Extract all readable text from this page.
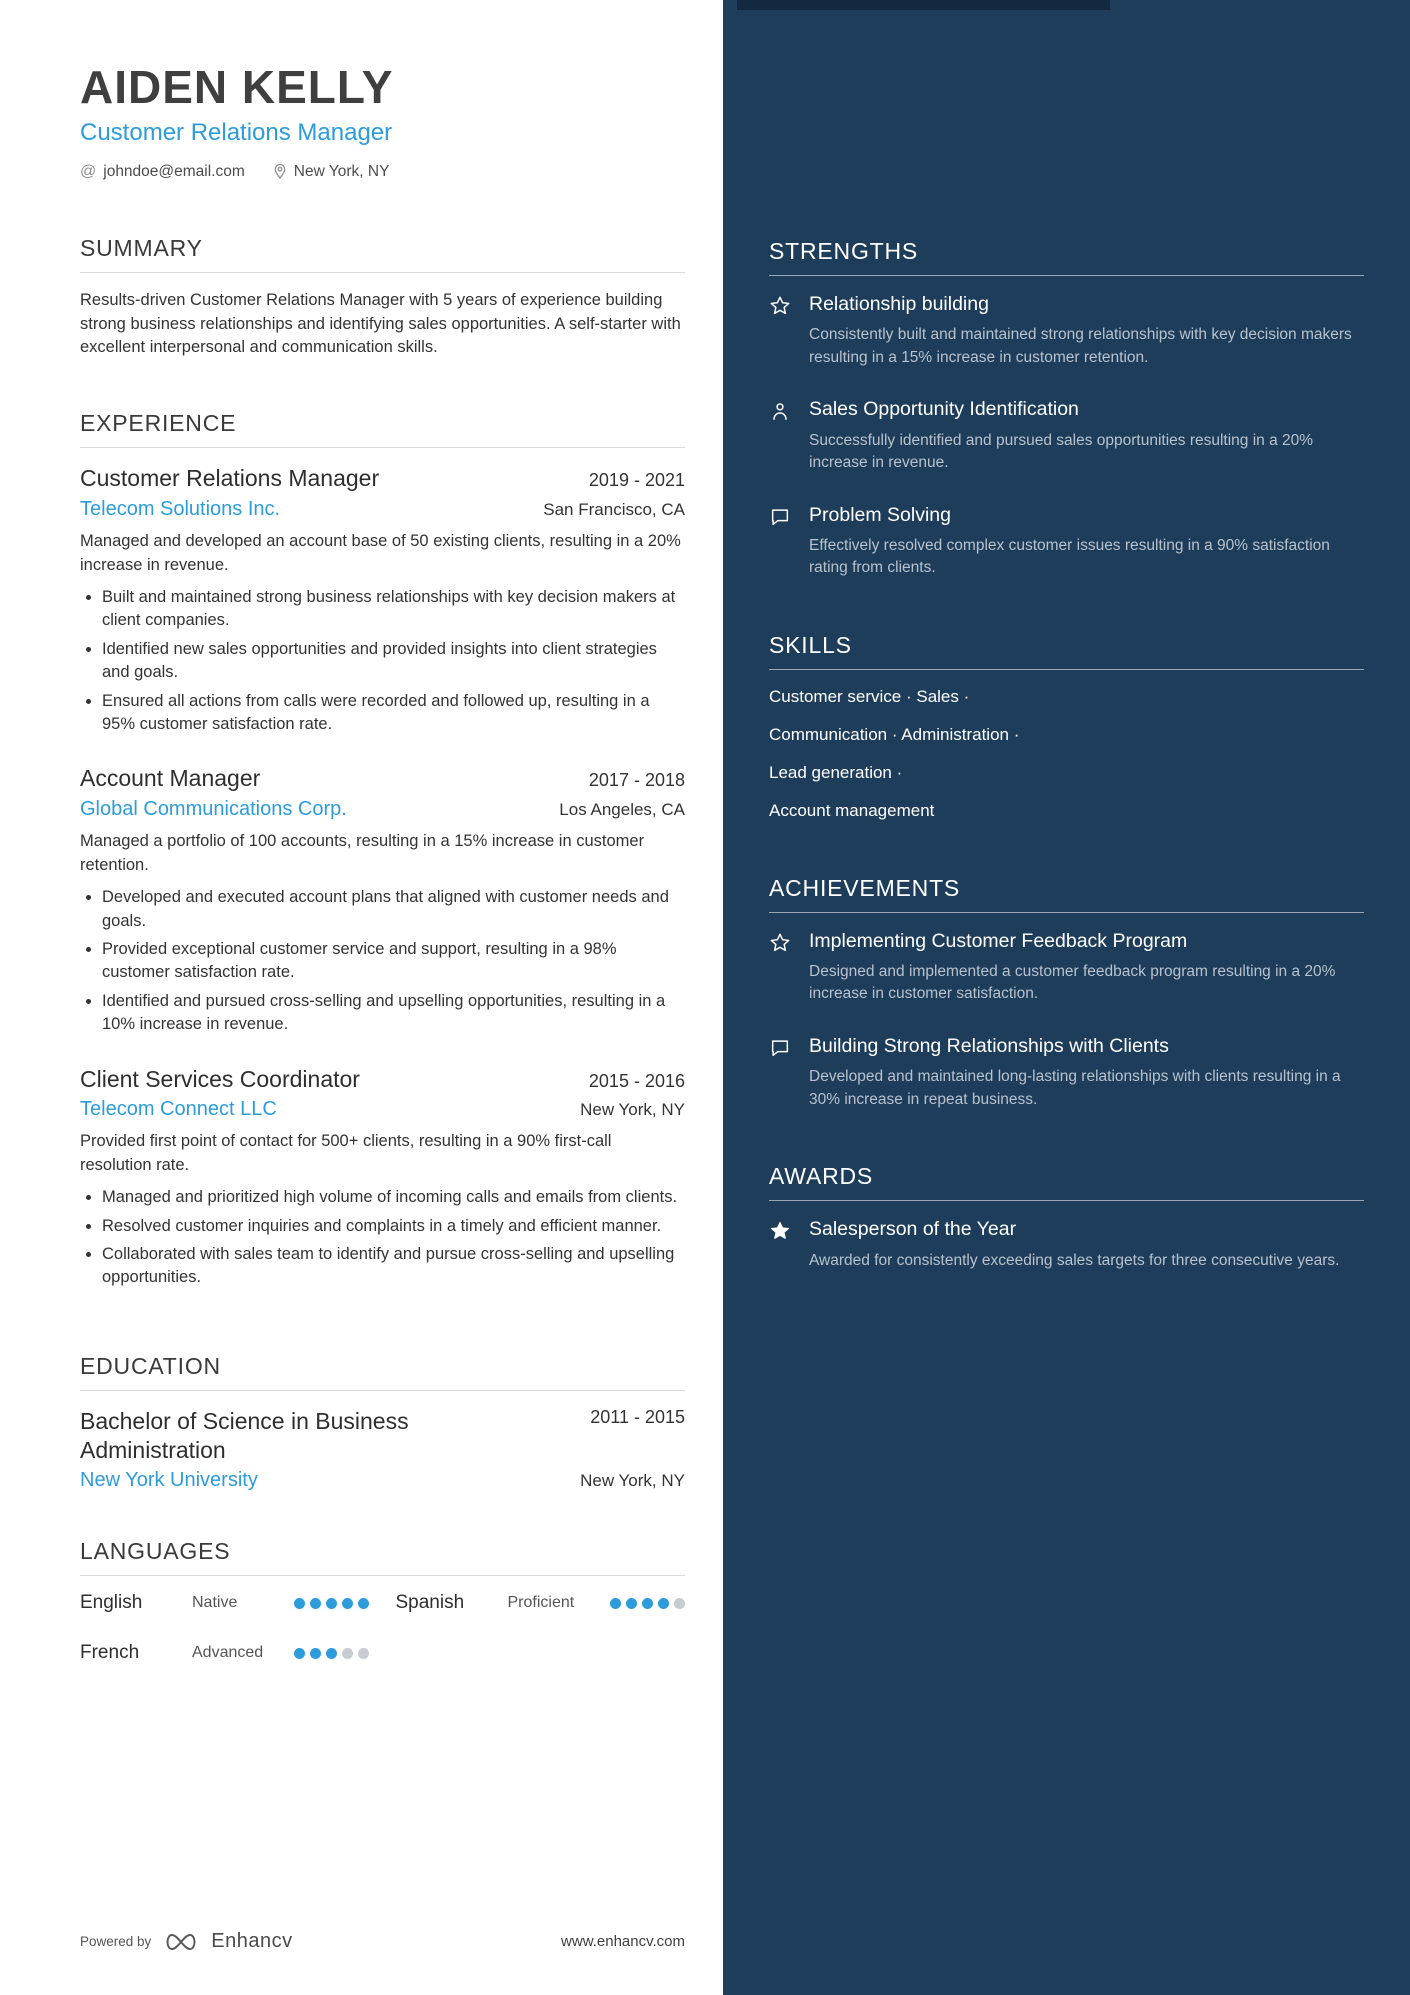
AIDEN KELLY
Customer Relations Manager
@ johndoe@email.com	New York, NY
SUMMARY

Results-driven Customer Relations Manager with 5 years of experience building strong business relationships and identifying sales opportunities. A self-starter with excellent interpersonal and communication skills.

EXPERIENCE
Customer Relations Manager	2019 - 2021
Telecom Solutions Inc.	San Francisco, CA

Managed and developed an account base of 50 existing clients, resulting in a 20% increase in revenue.

• Built and maintained strong business relationships with key decision makers at client companies.
• Identified new sales opportunities and provided insights into client strategies and goals.
• Ensured all actions from calls were recorded and followed up, resulting in a 95% customer satisfaction rate.
Account Manager	2017 - 2018
Global Communications Corp.	Los Angeles, CA

Managed a portfolio of 100 accounts, resulting in a 15% increase in customer retention.

• Developed and executed account plans that aligned with customer needs and goals.
• Provided exceptional customer service and support, resulting in a 98% customer satisfaction rate.
• Identified and pursued cross-selling and upselling opportunities, resulting in a 10% increase in revenue.
Client Services Coordinator	2015 - 2016
Telecom Connect LLC	New York, NY

Provided first point of contact for 500+ clients, resulting in a 90% first-call resolution rate.

• Managed and prioritized high volume of incoming calls and emails from clients.
• Resolved customer inquiries and complaints in a timely and efficient manner.
• Collaborated with sales team to identify and pursue cross-selling and upselling opportunities.
EDUCATION
Bachelor of Science in Business Administration
2011 - 2015
New York University	New York, NY
LANGUAGES
English	Native	Spanish	Proficient
French	Advanced
Powered by	Enhancv	www.enhancv.com
STRENGTHS
Relationship building
Consistently built and maintained strong relationships with key decision makers resulting in a 15% increase in customer retention.
Sales Opportunity Identification
Successfully identified and pursued sales opportunities resulting in a 20% increase in revenue.
Problem Solving
Effectively resolved complex customer issues resulting in a 90% satisfaction rating from clients.
SKILLS
Customer service · Sales ·
Communication · Administration ·
Lead generation ·
Account management
ACHIEVEMENTS
Implementing Customer Feedback Program
Designed and implemented a customer feedback program resulting in a 20% increase in customer satisfaction.
Building Strong Relationships with Clients
Developed and maintained long-lasting relationships with clients resulting in a 30% increase in repeat business.
AWARDS
Salesperson of the Year
Awarded for consistently exceeding sales targets for three consecutive years.
